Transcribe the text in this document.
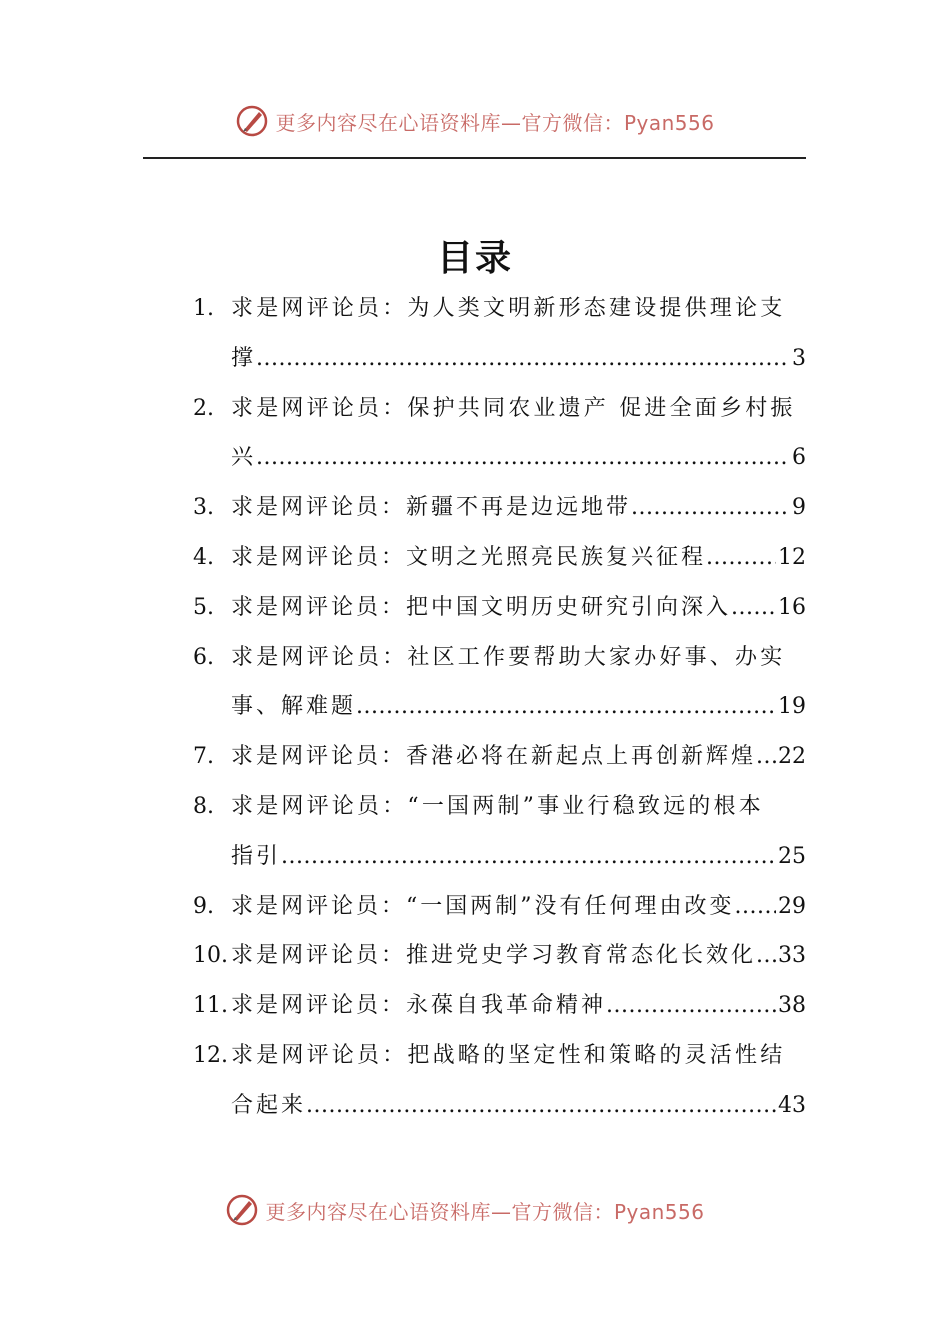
更多内容尽在心语资料库—官方微信：Pyan556
目录
1. 求是网评论员：为人类文明新形态建设提供理论支
撑 .....	3
2. 求是网评论员：保护共同农业遗产 促进全面乡村振
兴 .....	6
3. 求是网评论员：新疆不再是边远地带 .....	9
4. 求是网评论员：文明之光照亮民族复兴征程 .....	12
5. 求是网评论员：把中国文明历史研究引向深入 ..... 16
6. 求是网评论员：社区工作要帮助大家办好事、办实
事、解难题 .....	19
7. 求是网评论员：香港必将在新起点上再创新辉煌 ..... 22
8. 求是网评论员：“一国两制”事业行稳致远的根本
指引 .....	25
9. 求是网评论员：“一国两制”没有任何理由改变 ..... 29
10. 求是网评论员：推进党史学习教育常态化长效化 ..... 33
11. 求是网评论员：永葆自我革命精神 .....	38
12. 求是网评论员：把战略的坚定性和策略的灵活性结
合起来 .....	43
更多内容尽在心语资料库—官方微信：Pyan556
